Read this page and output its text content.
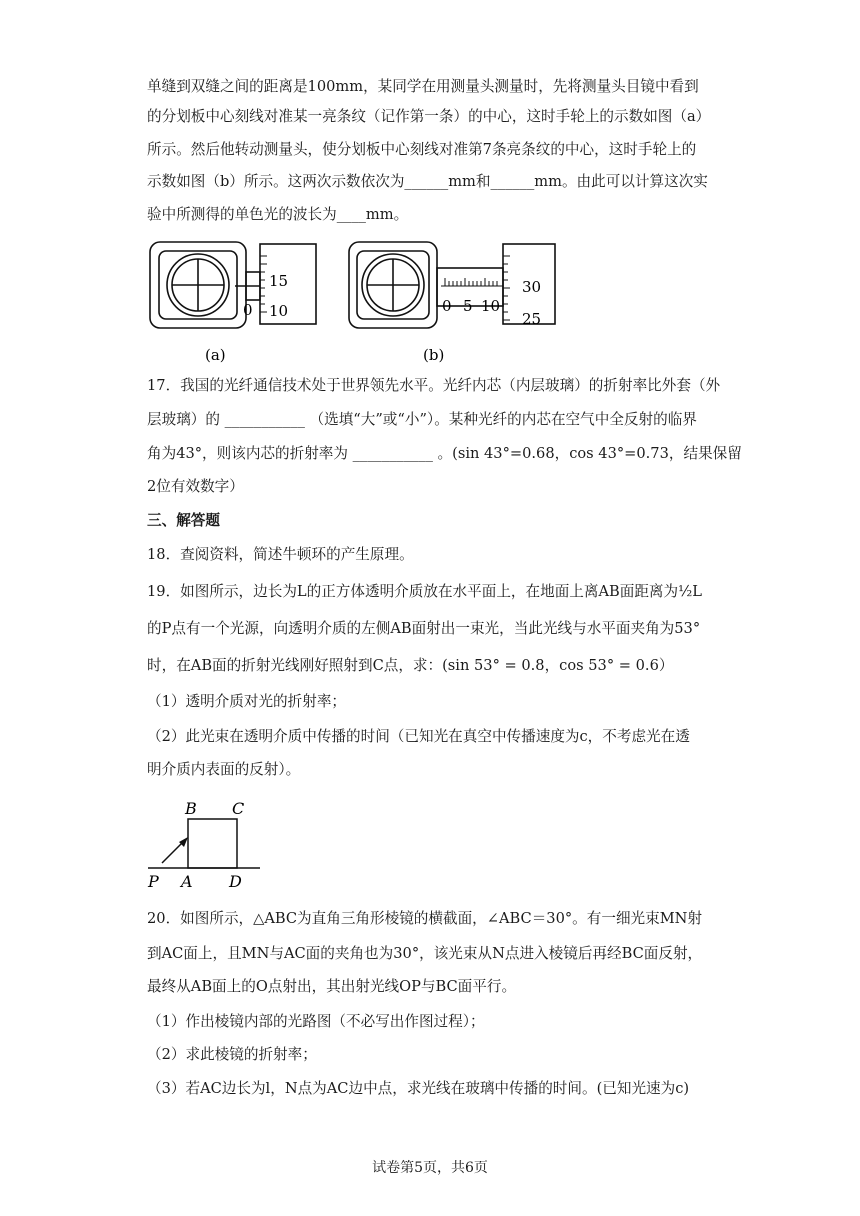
单缝到双缝之间的距离是100mm，某同学在用测量头测量时，先将测量头目镜中看到
的分划板中心刻线对准某一亮条纹（记作第一条）的中心，这时手轮上的示数如图（a）
所示。然后他转动测量头，使分划板中心刻线对准第7条亮条纹的中心，这时手轮上的
示数如图（b）所示。这两次示数依次为______mm和______mm。由此可以计算这次实
验中所测得的单色光的波长为____mm。
15
10
0
(a)
30
25
0 5 10
(b)
17．我国的光纤通信技术处于世界领先水平。光纤内芯（内层玻璃）的折射率比外套（外
层玻璃）的 ___________ （选填“大”或“小”）。某种光纤的内芯在空气中全反射的临界
角为43°，则该内芯的折射率为 ___________ 。(sin 43°=0.68，cos 43°=0.73，结果保留
2位有效数字）
三、解答题
18．查阅资料，简述牛顿环的产生原理。
19．如图所示，边长为L的正方体透明介质放在水平面上，在地面上离AB面距离为½L
的P点有一个光源，向透明介质的左侧AB面射出一束光，当此光线与水平面夹角为53°
时，在AB面的折射光线刚好照射到C点，求：(sin 53° = 0.8，cos 53° = 0.6）
（1）透明介质对光的折射率；
（2）此光束在透明介质中传播的时间（已知光在真空中传播速度为c，不考虑光在透
明介质内表面的反射）。
B C
P A D
20．如图所示，△ABC为直角三角形棱镜的横截面，∠ABC＝30°。有一细光束MN射
到AC面上，且MN与AC面的夹角也为30°，该光束从N点进入棱镜后再经BC面反射，
最终从AB面上的O点射出，其出射光线OP与BC面平行。
（1）作出棱镜内部的光路图（不必写出作图过程）；
（2）求此棱镜的折射率；
（3）若AC边长为l，N点为AC边中点，求光线在玻璃中传播的时间。(已知光速为c)
试卷第5页，共6页
